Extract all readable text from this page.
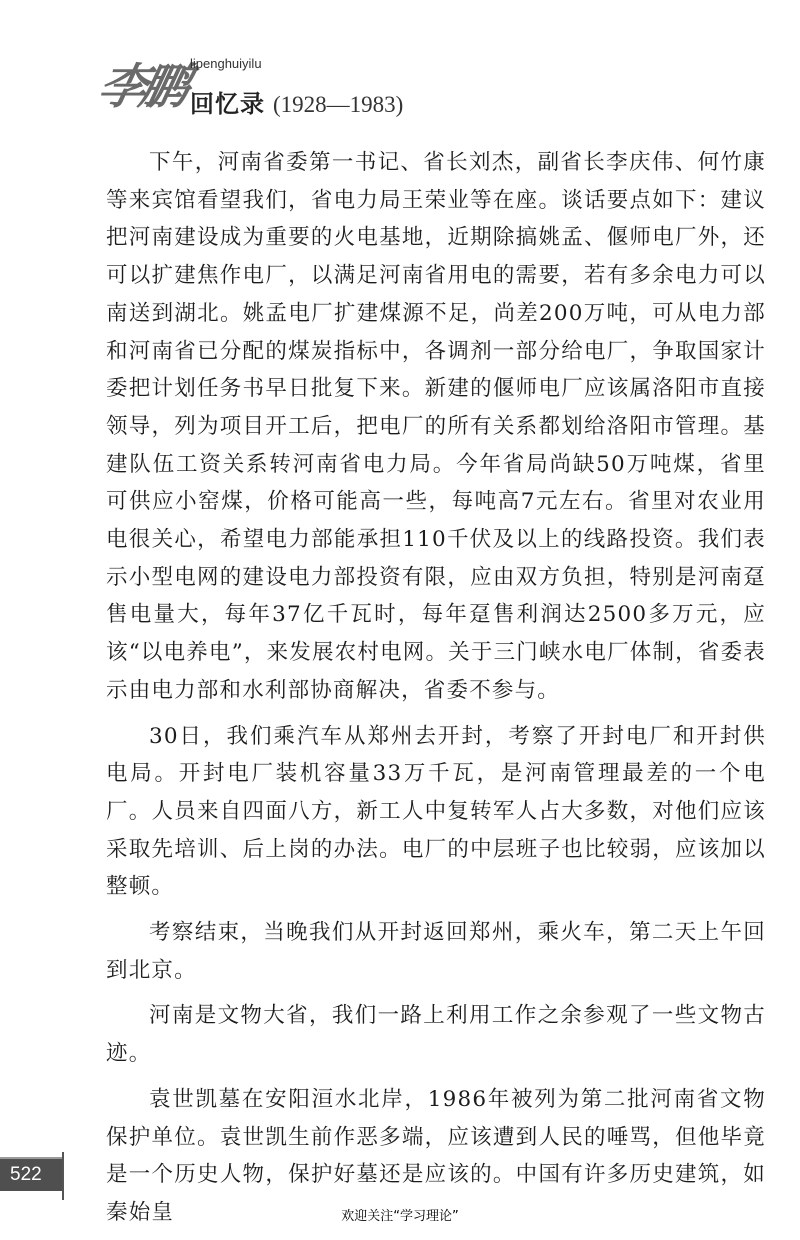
李鹏 lipenghuiyilu
回忆录 (1928—1983)

下午，河南省委第一书记、省长刘杰，副省长李庆伟、何竹康等来宾馆看望我们，省电力局王荣业等在座。谈话要点如下：建议把河南建设成为重要的火电基地，近期除搞姚孟、偃师电厂外，还可以扩建焦作电厂，以满足河南省用电的需要，若有多余电力可以南送到湖北。姚孟电厂扩建煤源不足，尚差200万吨，可从电力部和河南省已分配的煤炭指标中，各调剂一部分给电厂，争取国家计委把计划任务书早日批复下来。新建的偃师电厂应该属洛阳市直接领导，列为项目开工后，把电厂的所有关系都划给洛阳市管理。基建队伍工资关系转河南省电力局。今年省局尚缺50万吨煤，省里可供应小窑煤，价格可能高一些，每吨高7元左右。省里对农业用电很关心，希望电力部能承担110千伏及以上的线路投资。我们表示小型电网的建设电力部投资有限，应由双方负担，特别是河南趸售电量大，每年37亿千瓦时，每年趸售利润达2500多万元，应该“以电养电”，来发展农村电网。关于三门峡水电厂体制，省委表示由电力部和水利部协商解决，省委不参与。

30日，我们乘汽车从郑州去开封，考察了开封电厂和开封供电局。开封电厂装机容量33万千瓦，是河南管理最差的一个电厂。人员来自四面八方，新工人中复转军人占大多数，对他们应该采取先培训、后上岗的办法。电厂的中层班子也比较弱，应该加以整顿。

考察结束，当晚我们从开封返回郑州，乘火车，第二天上午回到北京。

河南是文物大省，我们一路上利用工作之余参观了一些文物古迹。

袁世凯墓在安阳洹水北岸，1986年被列为第二批河南省文物保护单位。袁世凯生前作恶多端，应该遭到人民的唾骂，但他毕竟是一个历史人物，保护好墓还是应该的。中国有许多历史建筑，如秦始皇

522
欢迎关注“学习理论”
